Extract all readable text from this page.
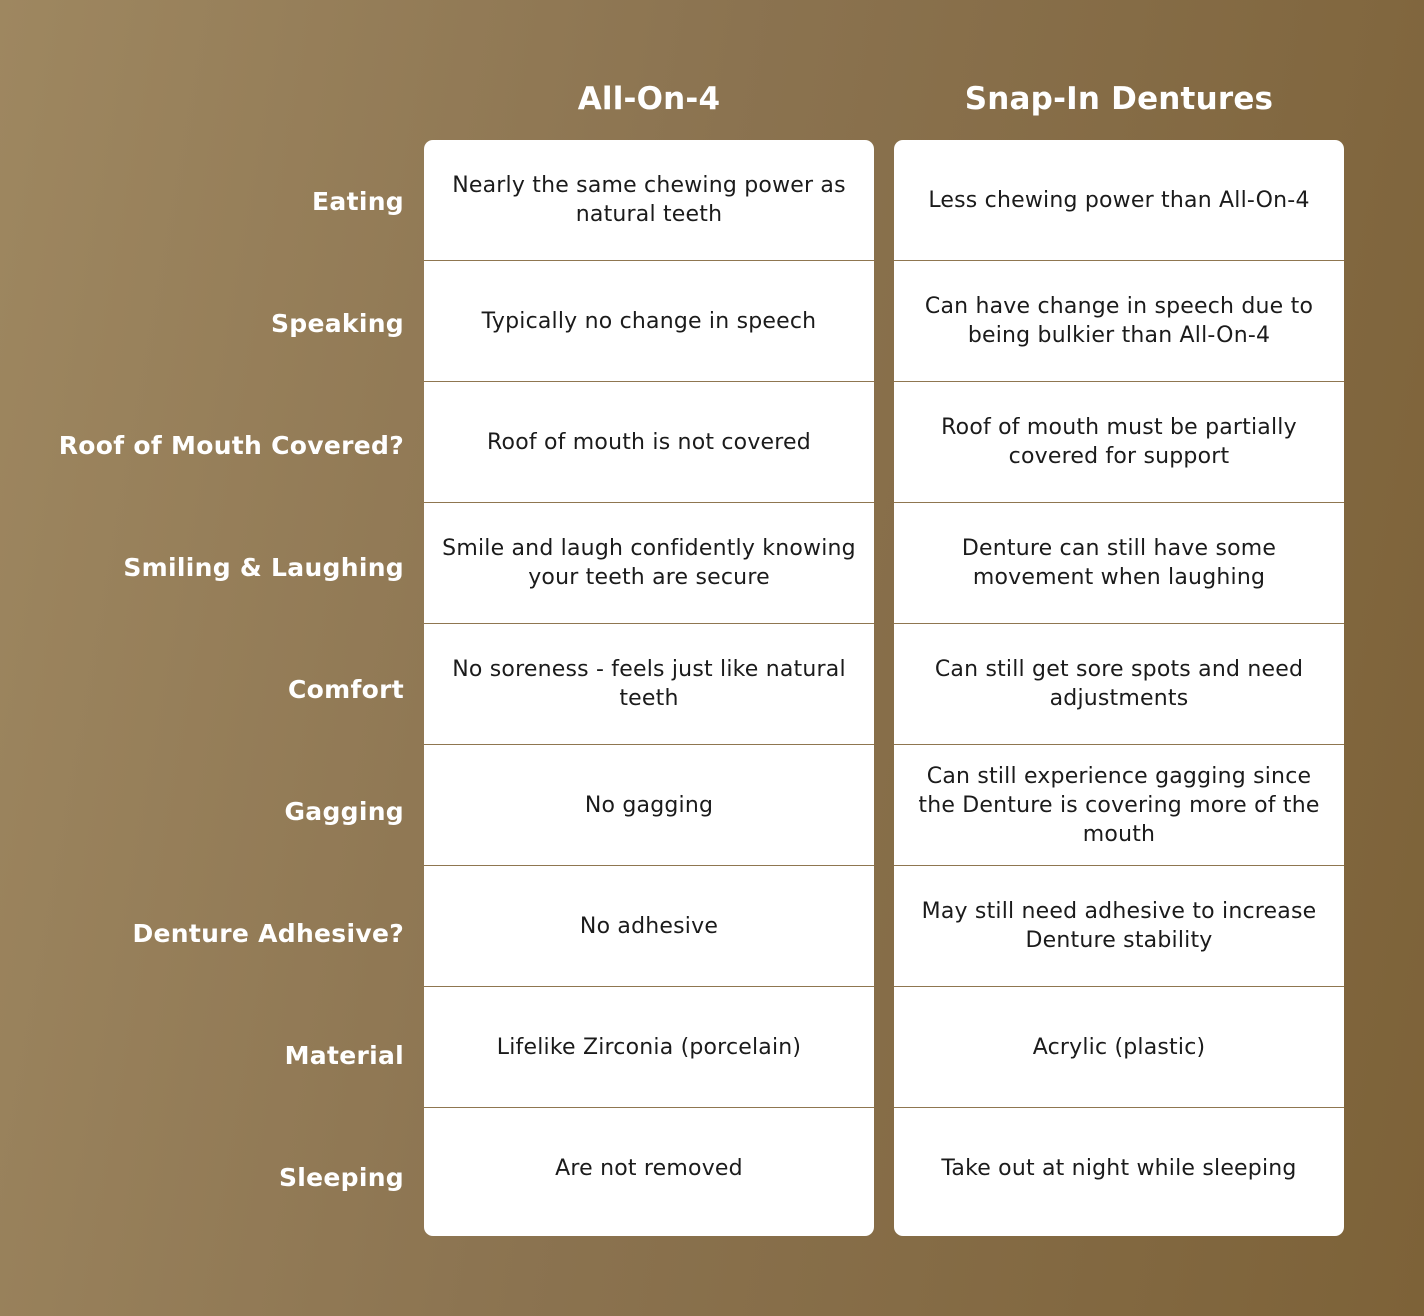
All-On-4	Snap-In Dentures
Eating
Speaking
Roof of Mouth Covered?
Smiling & Laughing
Comfort
Gagging
Denture Adhesive?
Material
Sleeping
Nearly the same chewing power as natural teeth
Typically no change in speech
Roof of mouth is not covered
Smile and laugh confidently knowing your teeth are secure
No soreness - feels just like natural teeth
No gagging
No adhesive
Lifelike Zirconia (porcelain)
Are not removed
Less chewing power than All-On-4
Can have change in speech due to being bulkier than All-On-4
Roof of mouth must be partially covered for support
Denture can still have some movement when laughing
Can still get sore spots and need adjustments
Can still experience gagging since the Denture is covering more of the mouth
May still need adhesive to increase Denture stability
Acrylic (plastic)
Take out at night while sleeping
